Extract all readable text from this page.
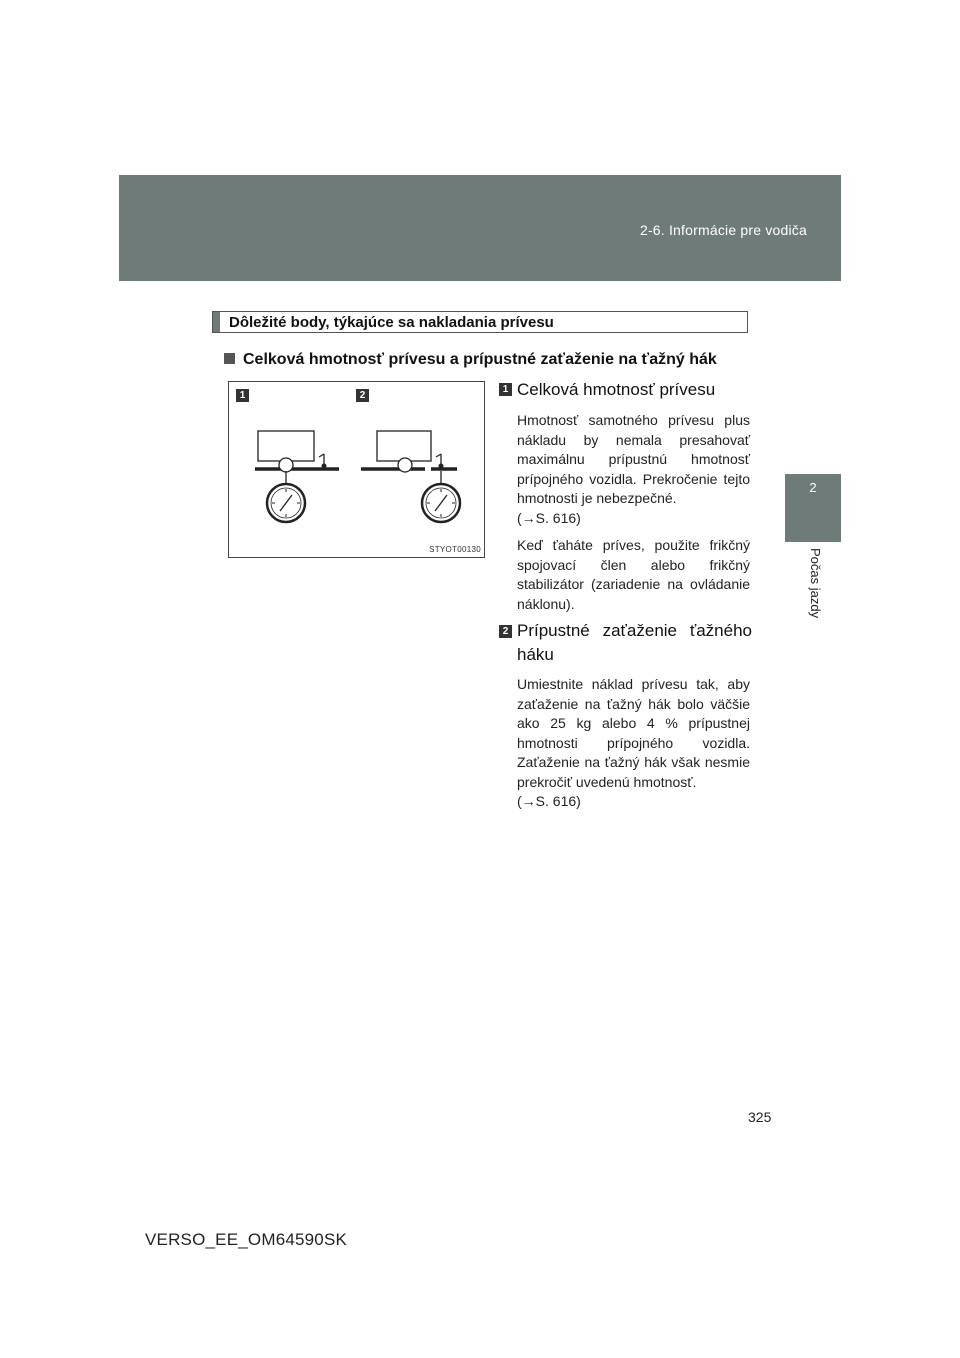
2-6. Informácie pre vodiča
2
Počas jazdy
Dôležité body, týkajúce sa nakladania prívesu
Celková hmotnosť prívesu a prípustné zaťaženie na ťažný hák
1	2
STYOT00130
1 Celková hmotnosť prívesu
Hmotnosť samotného prívesu plus nákladu by nemala presahovať maximálnu prípustnú hmotnosť prípojného vozidla. Prekročenie tejto hmotnosti je nebezpečné.
(→S. 616)
Keď ťaháte príves, použite frikčný spojovací člen alebo frikčný stabilizátor (zariadenie na ovládanie náklonu).
2 Prípustné zaťaženie ťažného háku
Umiestnite náklad prívesu tak, aby zaťaženie na ťažný hák bolo väčšie ako 25 kg alebo 4 % prípustnej hmotnosti prípojného vozidla. Zaťaženie na ťažný hák však nesmie prekročiť uvedenú hmotnosť.
(→S. 616)
325
VERSO_EE_OM64590SK
